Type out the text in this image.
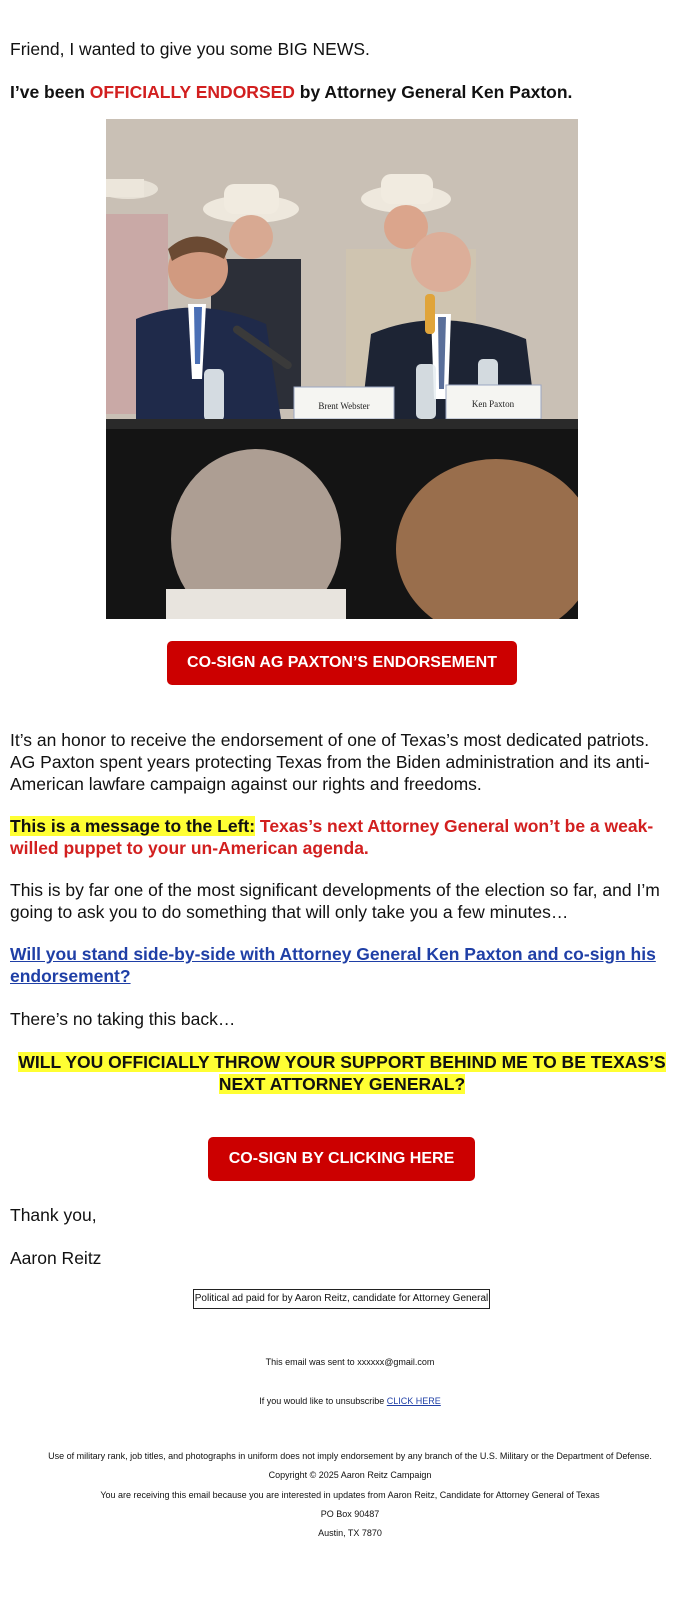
Friend, I wanted to give you some BIG NEWS.

I’ve been OFFICIALLY ENDORSED by Attorney General Ken Paxton.

Brent Webster	Ken Paxton
CO-SIGN AG PAXTON’S ENDORSEMENT

It’s an honor to receive the endorsement of one of Texas’s most dedicated patriots. AG Paxton spent years protecting Texas from the Biden administration and its anti-American lawfare campaign against our rights and freedoms.

This is a message to the Left: Texas’s next Attorney General won’t be a weak-willed puppet to your un-American agenda.

This is by far one of the most significant developments of the election so far, and I’m going to ask you to do something that will only take you a few minutes…

Will you stand side-by-side with Attorney General Ken Paxton and co-sign his endorsement?

There’s no taking this back…

WILL YOU OFFICIALLY THROW YOUR SUPPORT BEHIND ME TO BE TEXAS’S NEXT ATTORNEY GENERAL?

CO-SIGN BY CLICKING HERE

Thank you,

Aaron Reitz

Political ad paid for by Aaron Reitz, candidate for Attorney General
This email was sent to xxxxxx@gmail.com
If you would like to unsubscribe CLICK HERE
Use of military rank, job titles, and photographs in uniform does not imply endorsement by any branch of the U.S. Military or the Department of Defense.
Copyright © 2025 Aaron Reitz Campaign
You are receiving this email because you are interested in updates from Aaron Reitz, Candidate for Attorney General of Texas
PO Box 90487
Austin, TX 7870
